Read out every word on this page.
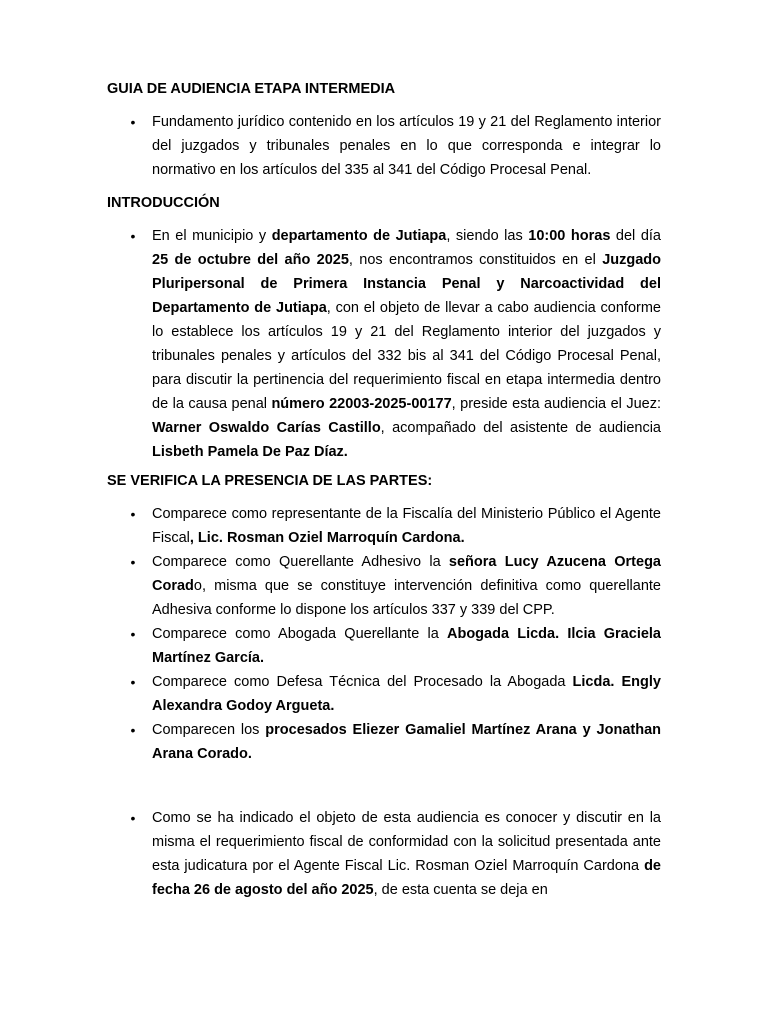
GUIA DE AUDIENCIA ETAPA INTERMEDIA
• Fundamento jurídico contenido en los artículos 19 y 21 del Reglamento interior del juzgados y tribunales penales en lo que corresponda e integrar lo normativo en los artículos del 335 al 341 del Código Procesal Penal.
INTRODUCCIÓN
• En el municipio y departamento de Jutiapa, siendo las 10:00 horas del día 25 de octubre del año 2025, nos encontramos constituidos en el Juzgado Pluripersonal de Primera Instancia Penal y Narcoactividad del Departamento de Jutiapa, con el objeto de llevar a cabo audiencia conforme lo establece los artículos 19 y 21 del Reglamento interior del juzgados y tribunales penales y artículos del 332 bis al 341 del Código Procesal Penal, para discutir la pertinencia del requerimiento fiscal en etapa intermedia dentro de la causa penal número 22003-2025-00177, preside esta audiencia el Juez: Warner Oswaldo Carías Castillo, acompañado del asistente de audiencia Lisbeth Pamela De Paz Díaz.
SE VERIFICA LA PRESENCIA DE LAS PARTES:
• Comparece como representante de la Fiscalía del Ministerio Público el Agente Fiscal, Lic. Rosman Oziel Marroquín Cardona.
• Comparece como Querellante Adhesivo la señora Lucy Azucena Ortega Corado, misma que se constituye intervención definitiva como querellante Adhesiva conforme lo dispone los artículos 337 y 339 del CPP.
• Comparece como Abogada Querellante la Abogada Licda. Ilcia Graciela Martínez García.
• Comparece como Defesa Técnica del Procesado la Abogada Licda. Engly Alexandra Godoy Argueta.
• Comparecen los procesados Eliezer Gamaliel Martínez Arana y Jonathan Arana Corado.
• Como se ha indicado el objeto de esta audiencia es conocer y discutir en la misma el requerimiento fiscal de conformidad con la solicitud presentada ante esta judicatura por el Agente Fiscal Lic. Rosman Oziel Marroquín Cardona de fecha 26 de agosto del año 2025, de esta cuenta se deja en
